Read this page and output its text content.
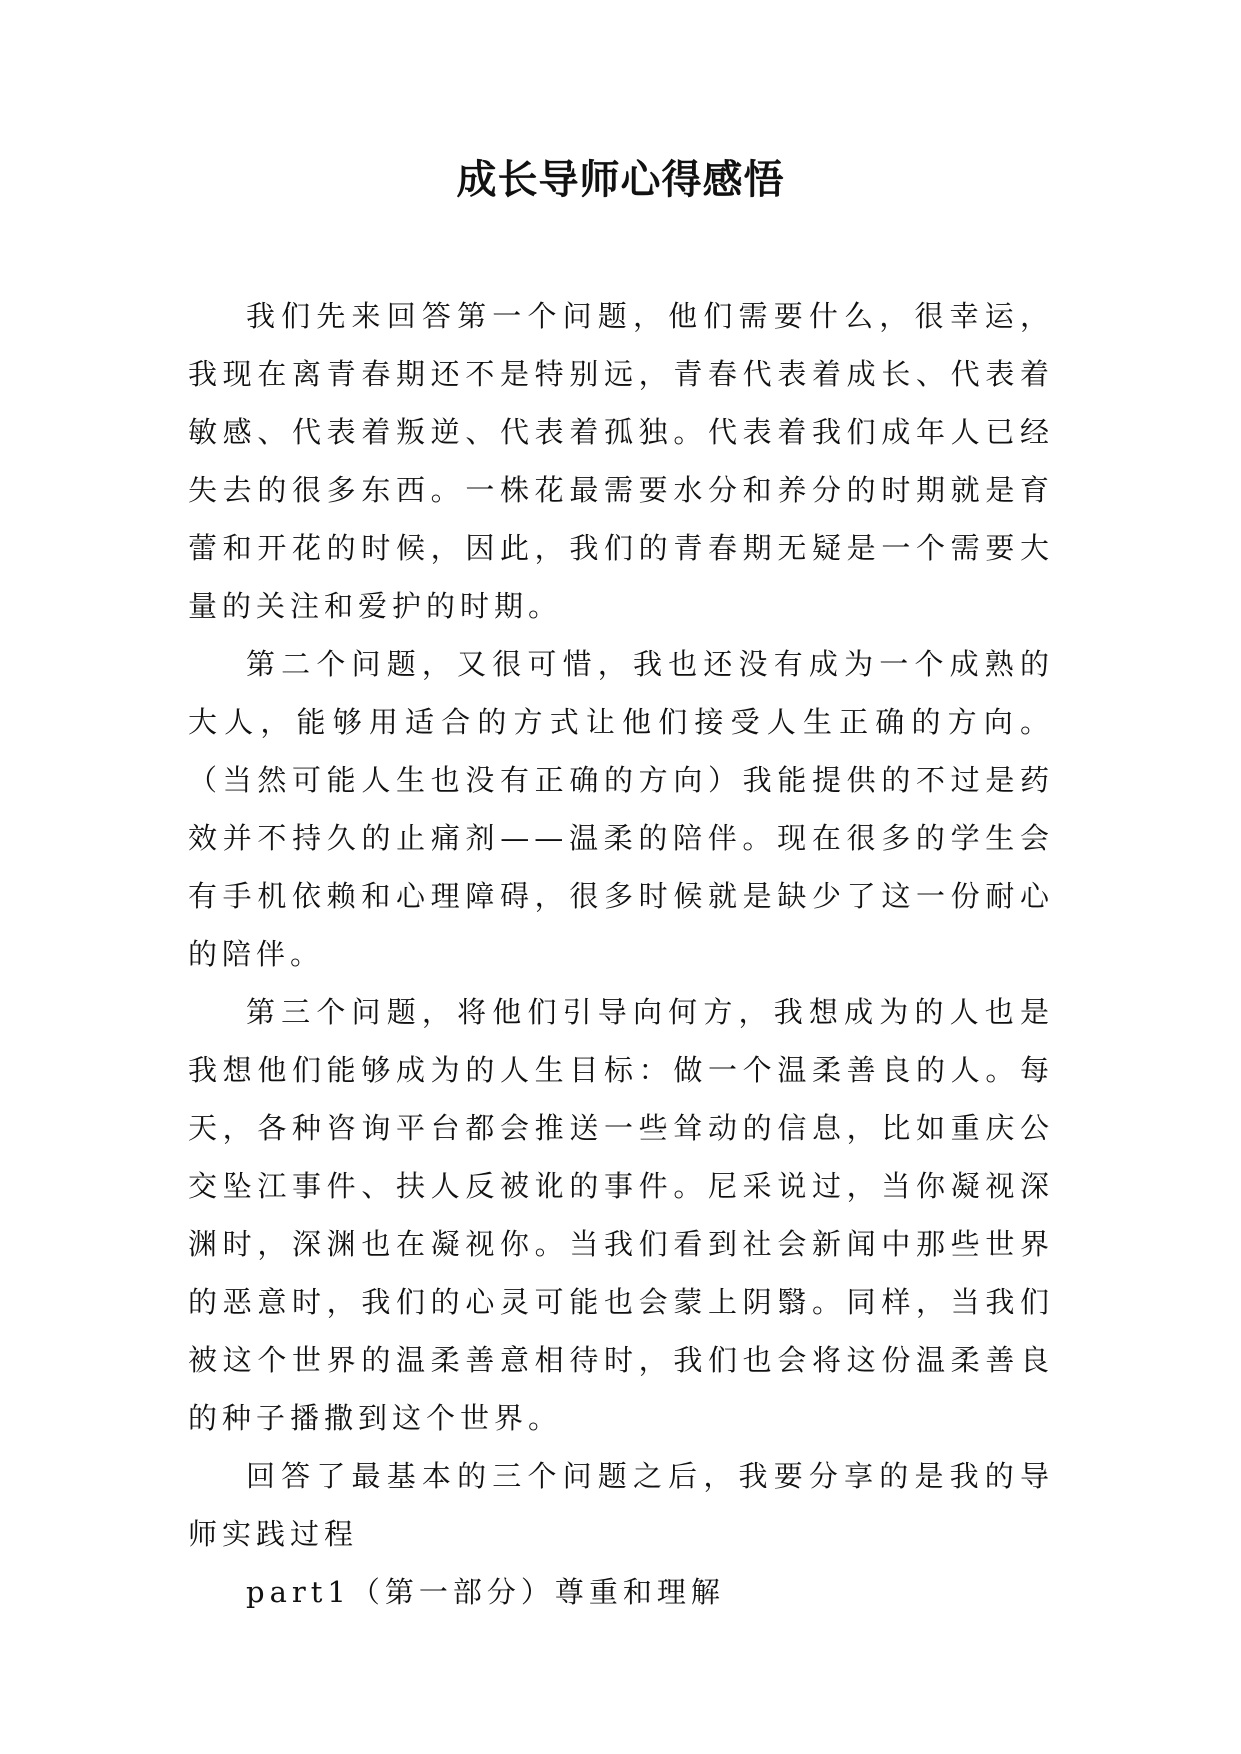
成长导师心得感悟

我们先来回答第一个问题，他们需要什么，很幸运，我现在离青春期还不是特别远，青春代表着成长、代表着敏感、代表着叛逆、代表着孤独。代表着我们成年人已经失去的很多东西。一株花最需要水分和养分的时期就是育蕾和开花的时候，因此，我们的青春期无疑是一个需要大量的关注和爱护的时期。

第二个问题，又很可惜，我也还没有成为一个成熟的大人，能够用适合的方式让他们接受人生正确的方向。（当然可能人生也没有正确的方向）我能提供的不过是药效并不持久的止痛剂——温柔的陪伴。现在很多的学生会有手机依赖和心理障碍，很多时候就是缺少了这一份耐心的陪伴。

第三个问题，将他们引导向何方，我想成为的人也是我想他们能够成为的人生目标：做一个温柔善良的人。每天，各种咨询平台都会推送一些耸动的信息，比如重庆公交坠江事件、扶人反被讹的事件。尼采说过，当你凝视深渊时，深渊也在凝视你。当我们看到社会新闻中那些世界的恶意时，我们的心灵可能也会蒙上阴翳。同样，当我们被这个世界的温柔善意相待时，我们也会将这份温柔善良的种子播撒到这个世界。

回答了最基本的三个问题之后，我要分享的是我的导师实践过程

part1（第一部分）尊重和理解
